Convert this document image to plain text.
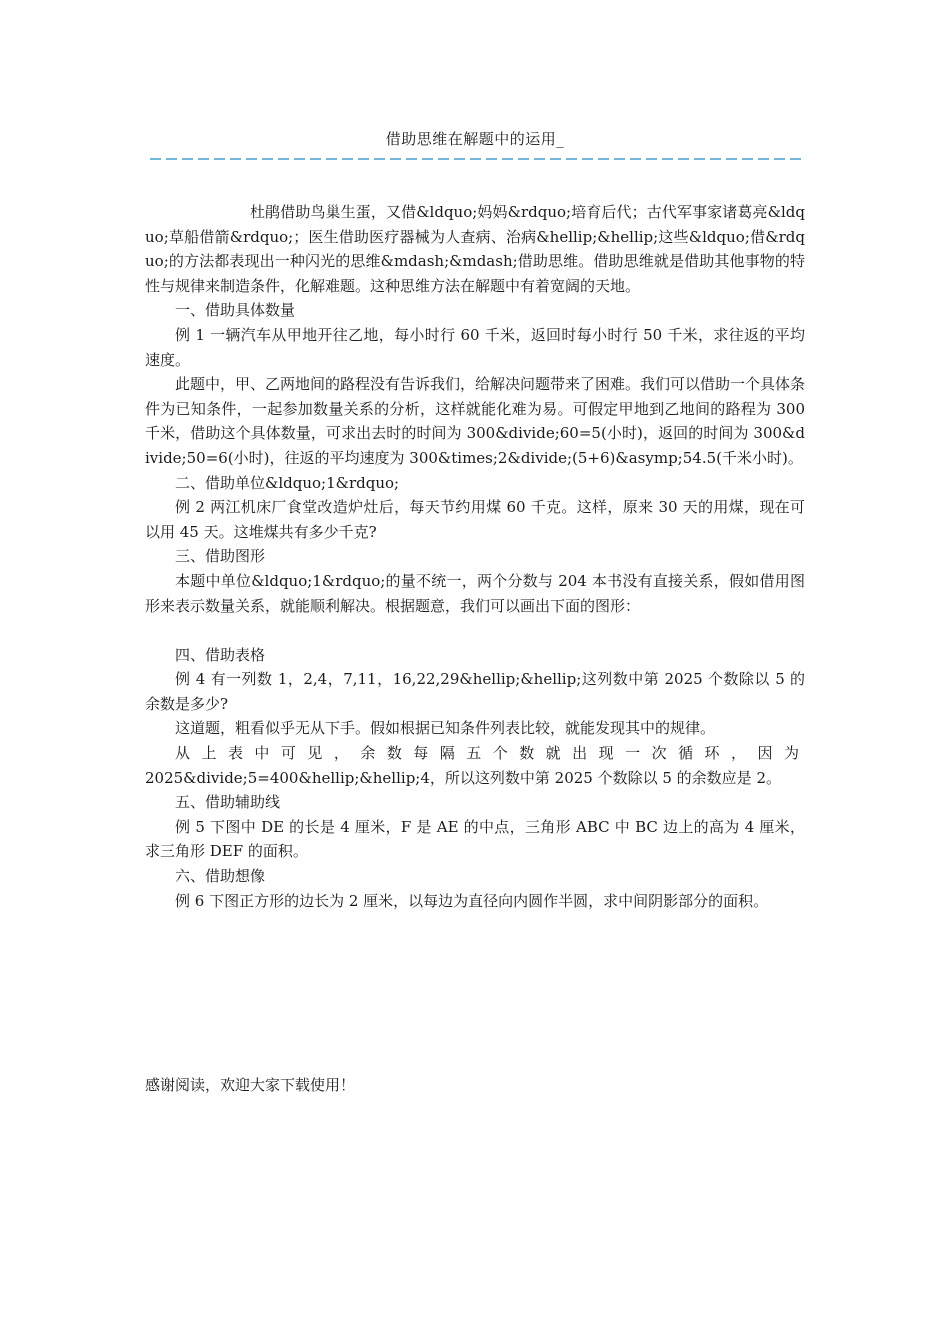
借助思维在解题中的运用_

杜鹃借助鸟巢生蛋，又借&ldquo;妈妈&rdquo;培育后代；古代军事家诸葛亮&ldquo;草船借箭&rdquo;；医生借助医疗器械为人查病、治病&hellip;&hellip;这些&ldquo;借&rdquo;的方法都表现出一种闪光的思维&mdash;&mdash;借助思维。借助思维就是借助其他事物的特性与规律来制造条件，化解难题。这种思维方法在解题中有着宽阔的天地。

一、借助具体数量

例 1 一辆汽车从甲地开往乙地，每小时行 60 千米，返回时每小时行 50 千米，求往返的平均速度。

此题中，甲、乙两地间的路程没有告诉我们，给解决问题带来了困难。我们可以借助一个具体条件为已知条件，一起参加数量关系的分析，这样就能化难为易。可假定甲地到乙地间的路程为 300 千米，借助这个具体数量，可求出去时的时间为 300&divide;60=5(小时)，返回的时间为 300&divide;50=6(小时)，往返的平均速度为 300&times;2&divide;(5+6)&asymp;54.5(千米小时)。

二、借助单位&ldquo;1&rdquo;

例 2 两江机床厂食堂改造炉灶后，每天节约用煤 60 千克。这样，原来 30 天的用煤，现在可以用 45 天。这堆煤共有多少千克?

三、借助图形

本题中单位&ldquo;1&rdquo;的量不统一，两个分数与 204 本书没有直接关系，假如借用图形来表示数量关系，就能顺利解决。根据题意，我们可以画出下面的图形：

四、借助表格

例 4 有一列数 1，2,4，7,11，16,22,29&hellip;&hellip;这列数中第 2025 个数除以 5 的余数是多少?

这道题，粗看似乎无从下手。假如根据已知条件列表比较，就能发现其中的规律。

从上表中可见，余数每隔五个数就出现一次循环，因为

2025&divide;5=400&hellip;&hellip;4，所以这列数中第 2025 个数除以 5 的余数应是 2。

五、借助辅助线

例 5 下图中 DE 的长是 4 厘米，F 是 AE 的中点，三角形 ABC 中 BC 边上的高为 4 厘米，求三角形 DEF 的面积。

六、借助想像

例 6 下图正方形的边长为 2 厘米，以每边为直径向内圆作半圆，求中间阴影部分的面积。

感谢阅读，欢迎大家下载使用！
